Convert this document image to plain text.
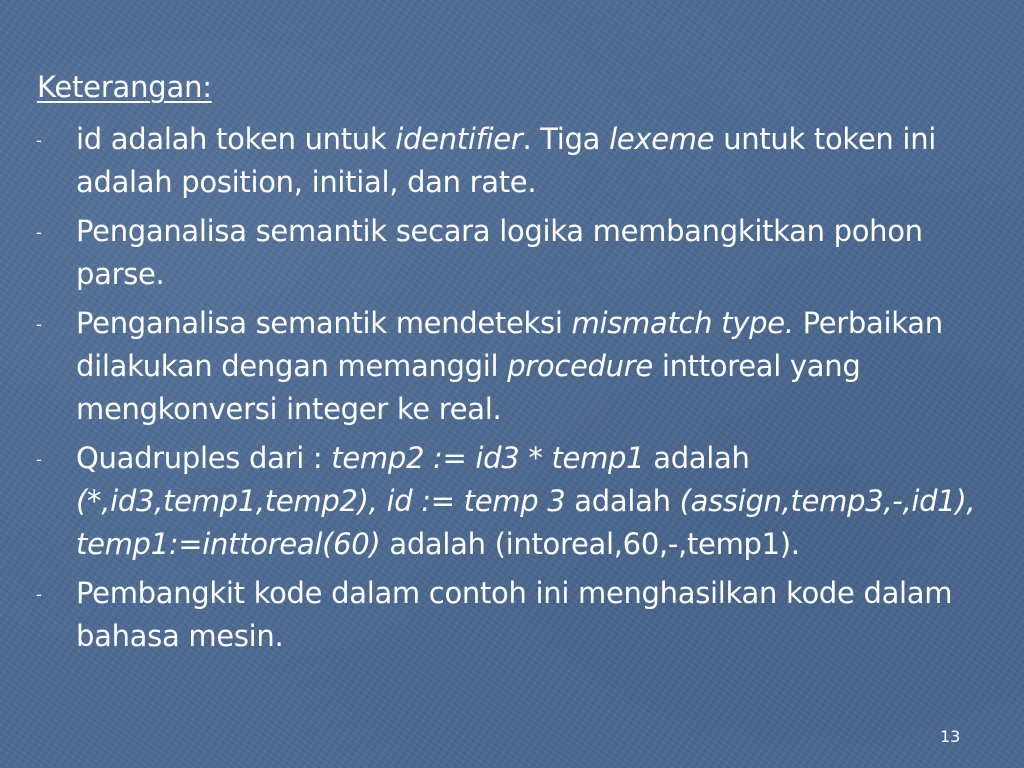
Keterangan:
-	id adalah token untuk identifier. Tiga lexeme untuk token ini adalah position, initial, dan rate.
-	Penganalisa semantik secara logika membangkitkan pohon parse.
-	Penganalisa semantik mendeteksi mismatch type. Perbaikan dilakukan dengan memanggil procedure inttoreal yang mengkonversi integer ke real.
-	Quadruples dari : temp2 := id3 * temp1 adalah (*,id3,temp1,temp2), id := temp 3 adalah (assign,temp3,-,id1), temp1:=inttoreal(60) adalah (intoreal,60,-,temp1).
-	Pembangkit kode dalam contoh ini menghasilkan kode dalam bahasa mesin.
13
